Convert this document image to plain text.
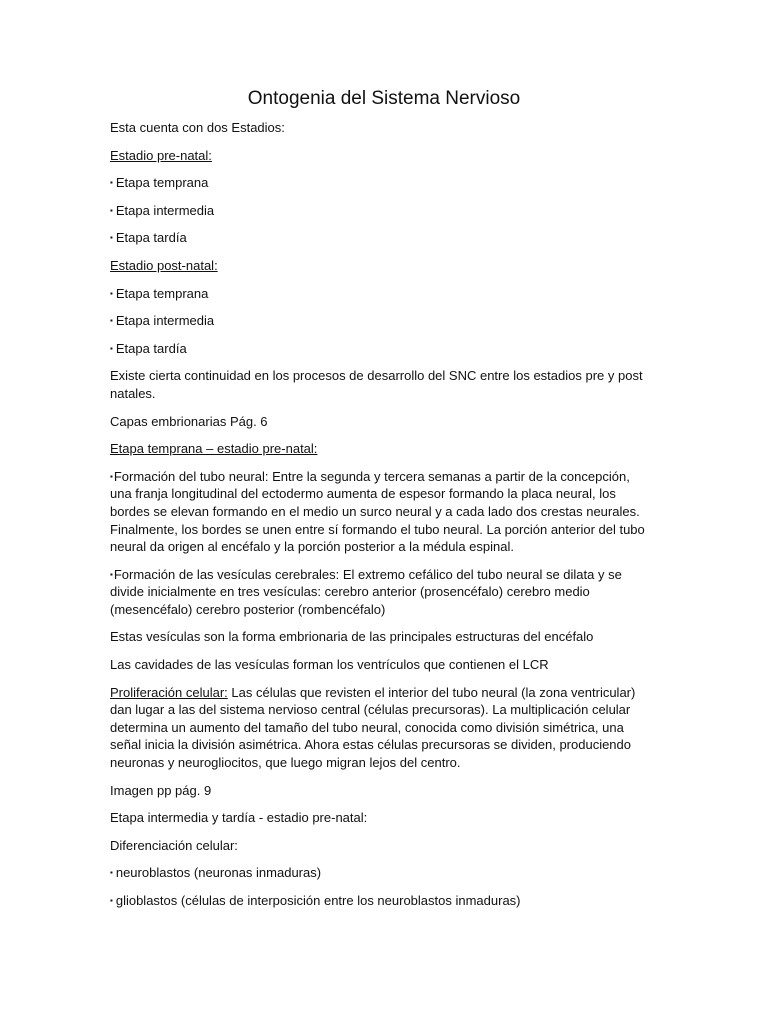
Ontogenia del Sistema Nervioso

Esta cuenta con dos Estadios:

Estadio pre-natal:

▪ Etapa temprana

▪ Etapa intermedia

▪ Etapa tardía

Estadio post-natal:

▪ Etapa temprana

▪ Etapa intermedia

▪ Etapa tardía

Existe cierta continuidad en los procesos de desarrollo del SNC entre los estadios pre y post natales.

Capas embrionarias Pág. 6

Etapa temprana – estadio pre-natal:

▪Formación del tubo neural: Entre la segunda y tercera semanas a partir de la concepción, una franja longitudinal del ectodermo aumenta de espesor formando la placa neural, los bordes se elevan formando en el medio un surco neural y a cada lado dos crestas neurales. Finalmente, los bordes se unen entre sí formando el tubo neural. La porción anterior del tubo neural da origen al encéfalo y la porción posterior a la médula espinal.

▪Formación de las vesículas cerebrales: El extremo cefálico del tubo neural se dilata y se divide inicialmente en tres vesículas: cerebro anterior (prosencéfalo) cerebro medio (mesencéfalo) cerebro posterior (rombencéfalo)

Estas vesículas son la forma embrionaria de las principales estructuras del encéfalo

Las cavidades de las vesículas forman los ventrículos que contienen el LCR

Proliferación celular: Las células que revisten el interior del tubo neural (la zona ventricular) dan lugar a las del sistema nervioso central (células precursoras). La multiplicación celular determina un aumento del tamaño del tubo neural, conocida como división simétrica, una señal inicia la división asimétrica. Ahora estas células precursoras se dividen, produciendo neuronas y neurogliocitos, que luego migran lejos del centro.

Imagen pp pág. 9

Etapa intermedia y tardía - estadio pre-natal:

Diferenciación celular:

▪ neuroblastos (neuronas inmaduras)

▪ glioblastos (células de interposición entre los neuroblastos inmaduras)
